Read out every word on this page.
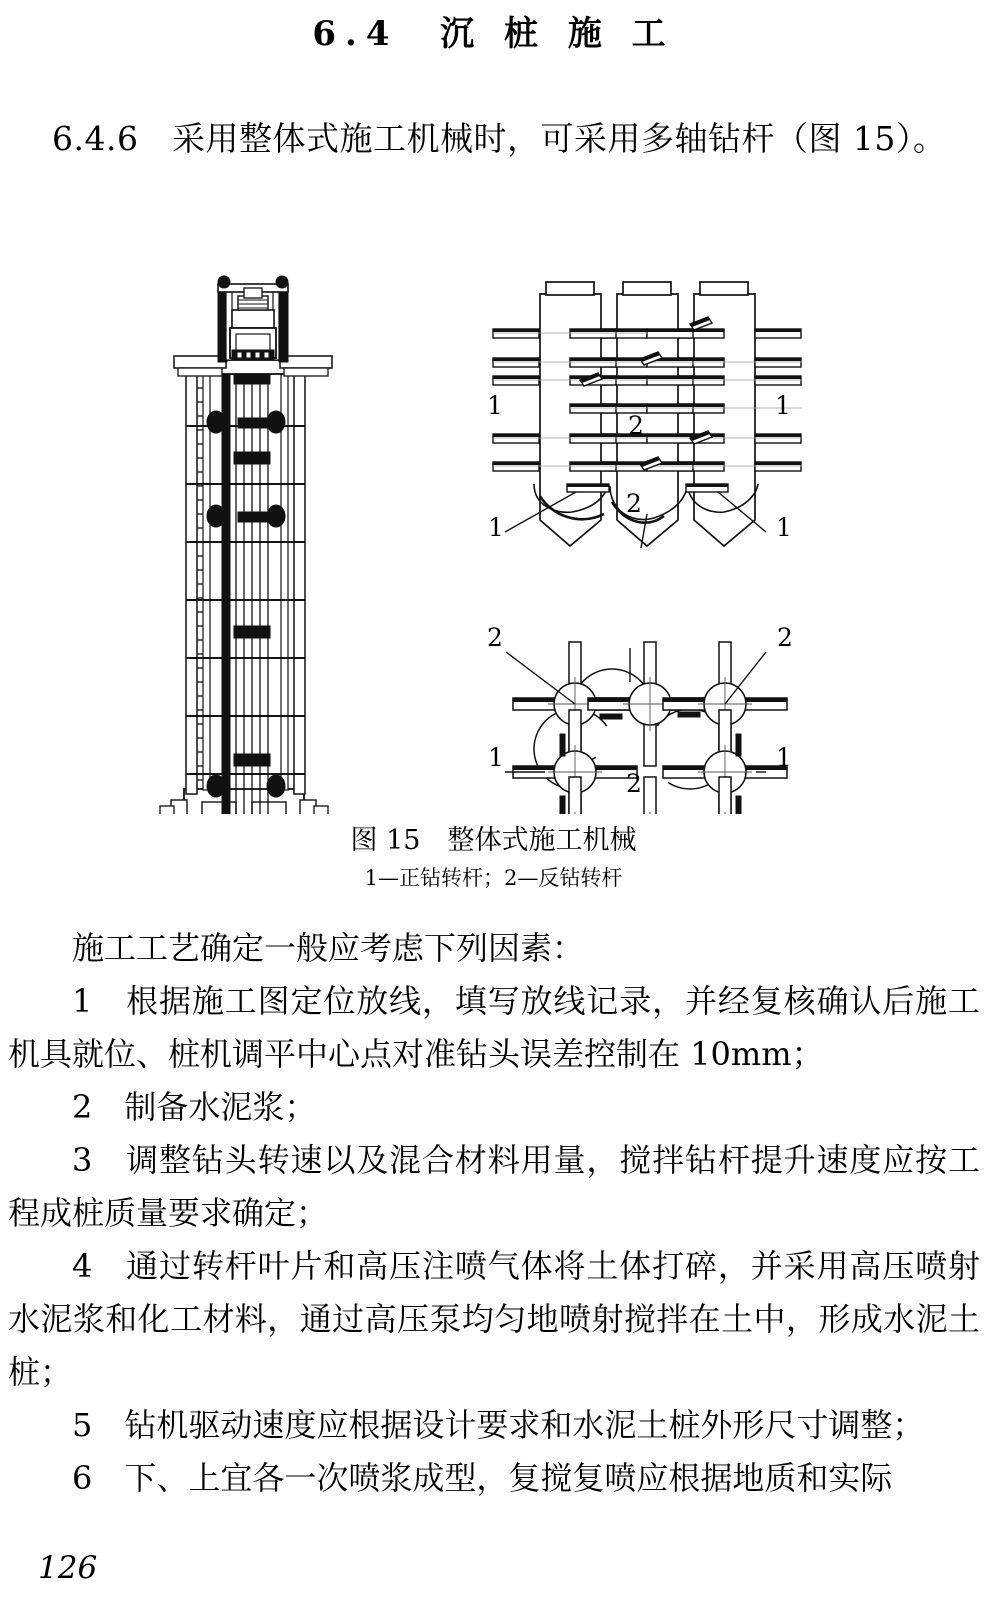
6.4  沉 桩 施 工

6.4.6　 采用整体式施工机械时，可采用多轴钻杆（图 15）。

1	1
2
2
1	1
2	2
1	1
2
图 15　整体式施工机械
1—正钻转杆；2—反钻转杆

施工工艺确定一般应考虑下列因素：

1　 根据施工图定位放线，填写放线记录，并经复核确认后施工机具就位、桩机调平中心点对准钻头误差控制在 10mm；

2　 制备水泥浆；

3　 调整钻头转速以及混合材料用量，搅拌钻杆提升速度应按工程成桩质量要求确定；

4　 通过转杆叶片和高压注喷气体将土体打碎，并采用高压喷射水泥浆和化工材料，通过高压泵均匀地喷射搅拌在土中，形成水泥土桩；

5　 钻机驱动速度应根据设计要求和水泥土桩外形尺寸调整；

6　 下、上宜各一次喷浆成型，复搅复喷应根据地质和实际

126
